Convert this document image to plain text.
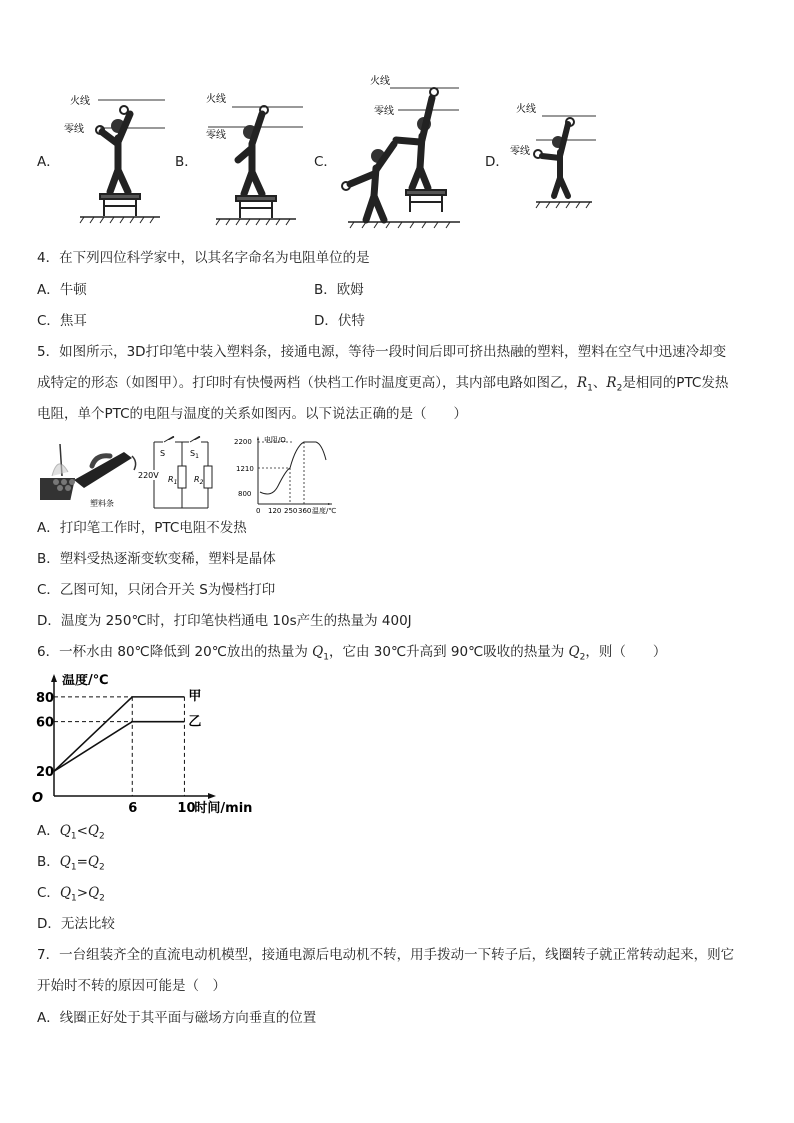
A．
火线
零线
B．
火线
零线
C．
火线
零线
D．
火线
零线
4．在下列四位科学家中，以其名字命名为电阻单位的是
A．牛顿	B．欧姆
C．焦耳	D．伏特
5．如图所示，3D打印笔中装入塑料条，接通电源，等待一段时间后即可挤出热融的塑料，塑料在空气中迅速冷却变
成特定的形态（如图甲）。打印时有快慢两档（快档工作时温度更高），其内部电路如图乙，$R_1$、$R_2$是相同的PTC发热
电阻，单个PTC的电阻与温度的关系如图丙。以下说法正确的是（　　）
塑料条
S	$S_1$
220V $R_1$ $R_2$
电阻/Ω
2200
1210
800
0 120 250 360 温度/℃
A．打印笔工作时，PTC电阻不发热
B．塑料受热逐渐变软变稀，塑料是晶体
C．乙图可知，只闭合开关 S为慢档打印
D．温度为 250℃时，打印笔快档通电 10s产生的热量为 400J
6．一杯水由 80℃降低到 20℃放出的热量为 $Q_1$，它由 30℃升高到 90℃吸收的热量为 $Q_2$，则（　　）
20
60
80
6	10
O
温度/℃
时间/min
甲
乙
A．$Q_1<Q_2$
B．$Q_1=Q_2$
C．$Q_1>Q_2$
D．无法比较
7．一台组装齐全的直流电动机模型，接通电源后电动机不转，用手拨动一下转子后，线圈转子就正常转动起来，则它
开始时不转的原因可能是（　）
A．线圈正好处于其平面与磁场方向垂直的位置
